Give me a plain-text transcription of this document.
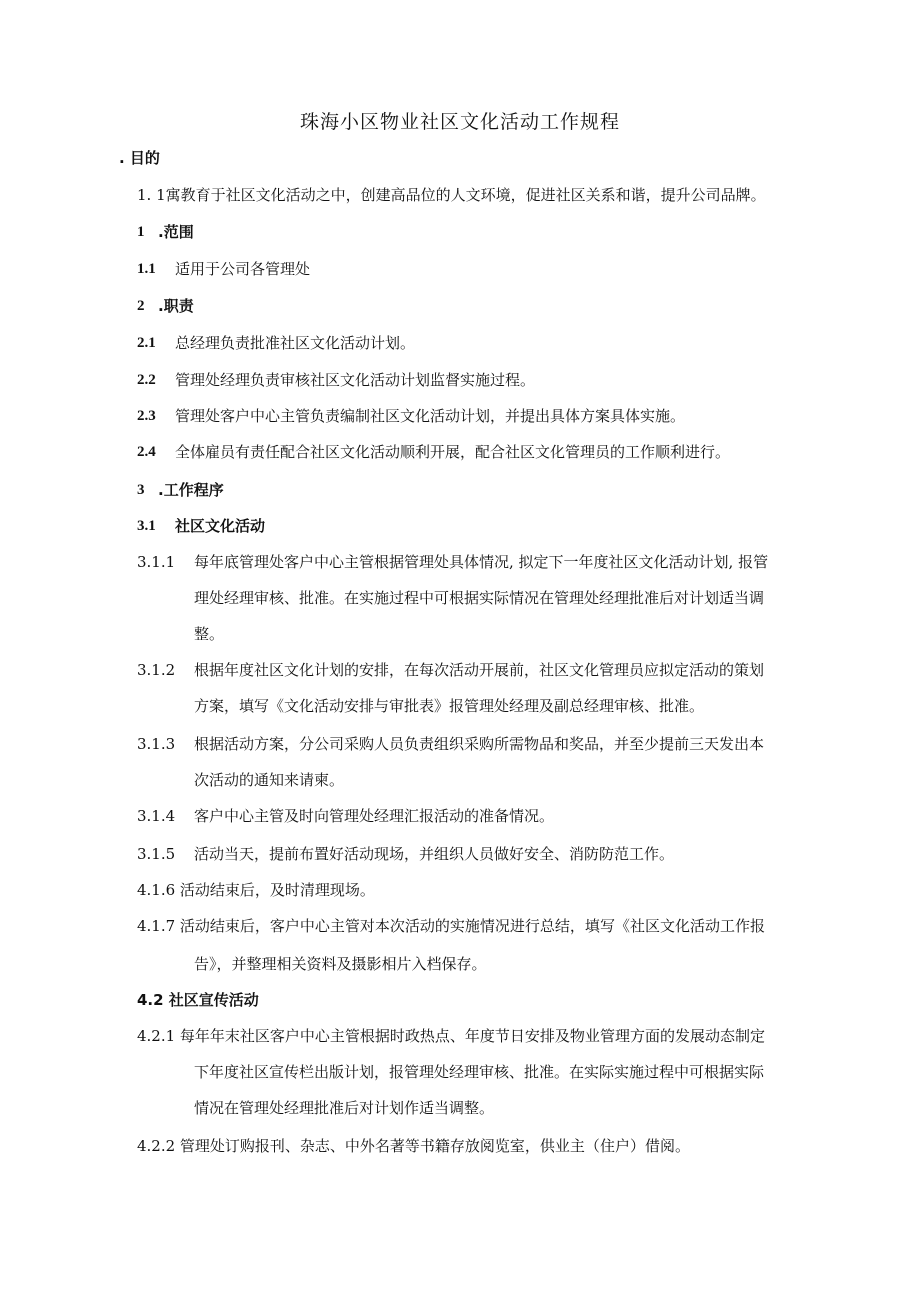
珠海小区物业社区文化活动工作规程
. 目的
1. 1寓教育于社区文化活动之中，创建高品位的人文环境，促进社区关系和谐，提升公司品牌。
1 .范围
1.1 适用于公司各管理处
2 .职责
2.1 总经理负责批准社区文化活动计划。
2.2 管理处经理负责审核社区文化活动计划监督实施过程。
2.3 管理处客户中心主管负责编制社区文化活动计划，并提出具体方案具体实施。
2.4 全体雇员有责任配合社区文化活动顺利开展，配合社区文化管理员的工作顺利进行。
3 .工作程序
3.1 社区文化活动
3.1.1 每年底管理处客户中心主管根据管理处具体情况, 拟定下一年度社区文化活动计划, 报管
理处经理审核、批准。在实施过程中可根据实际情况在管理处经理批准后对计划适当调
整。
3.1.2 根据年度社区文化计划的安排，在每次活动开展前，社区文化管理员应拟定活动的策划
方案，填写《文化活动安排与审批表》报管理处经理及副总经理审核、批准。
3.1.3 根据活动方案，分公司采购人员负责组织采购所需物品和奖品，并至少提前三天发出本
次活动的通知来请柬。
3.1.4 客户中心主管及时向管理处经理汇报活动的准备情况。
3.1.5 活动当天，提前布置好活动现场，并组织人员做好安全、消防防范工作。
4.1.6 活动结束后，及时清理现场。
4.1.7 活动结束后，客户中心主管对本次活动的实施情况进行总结，填写《社区文化活动工作报
告》，并整理相关资料及摄影相片入档保存。
4.2 社区宣传活动
4.2.1 每年年末社区客户中心主管根据时政热点、年度节日安排及物业管理方面的发展动态制定
下年度社区宣传栏出版计划，报管理处经理审核、批准。在实际实施过程中可根据实际
情况在管理处经理批准后对计划作适当调整。
4.2.2 管理处订购报刊、杂志、中外名著等书籍存放阅览室，供业主（住户）借阅。
